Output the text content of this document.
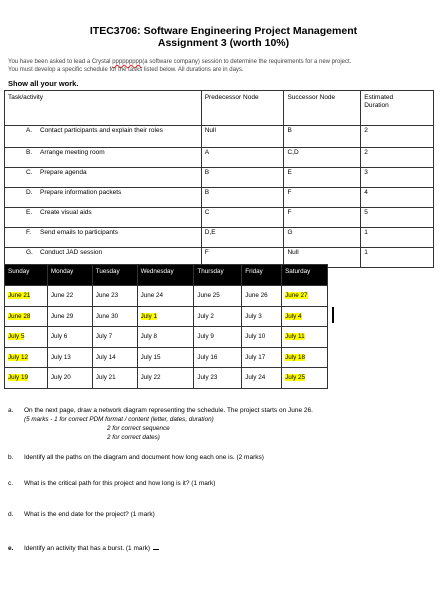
ITEC3706: Software Engineering Project Management
Assignment 3 (worth 10%)
You have been asked to lead a Crystal ppppppppp(a software company) session to determine the requirements for a new project.
You must develop a specific schedule for the tasks listed below. All durations are in days.
Show all your work.
Task/activity	Predecessor Node	Successor Node	Estimated
Duration
A. Contact participants and explain their roles	Null	B	2
B. Arrange meeting room	A	C,D	2
C. Prepare agenda	B	E	3
D. Prepare information packets	B	F	4
E. Create visual aids	C	F	5
F. Send emails to participants	D,E	G	1
G. Conduct JAD session	F	Null	1
Sunday	Monday	Tuesday	Wednesday	Thursday	Friday	Saturday
June 21	June 22	June 23	June 24	June 25	June 26	June 27
June 28	June 29	June 30	July 1	July 2	July 3	July 4
July 5	July 6	July 7	July 8	July 9	July 10	July 11
July 12	July 13	July 14	July 15	July 16	July 17	July 18
July 19	July 20	July 21	July 22	July 23	July 24	July 25
a. On the next page, draw a network diagram representing the schedule. The project starts on June 26.
(5 marks - 1 for correct PDM format / content (letter, dates, duration)
2 for correct sequence
2 for correct dates)
b. Identify all the paths on the diagram and document how long each one is. (2 marks)
c. What is the critical path for this project and how long is it? (1 mark)
d. What is the end date for the project? (1 mark)
e. Identify an activity that has a burst. (1 mark)
